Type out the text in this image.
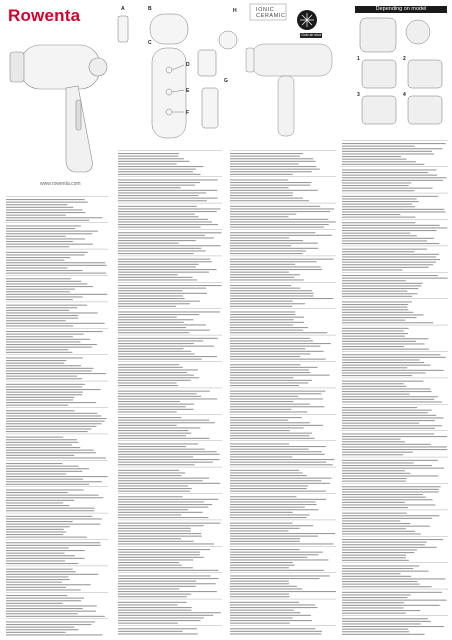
Rowenta
www.rowenta.com
Depending on model
IONIC
CERAMIC
Gold air shot
A	B
C
D
E
F
G
H
1	2
3	4
